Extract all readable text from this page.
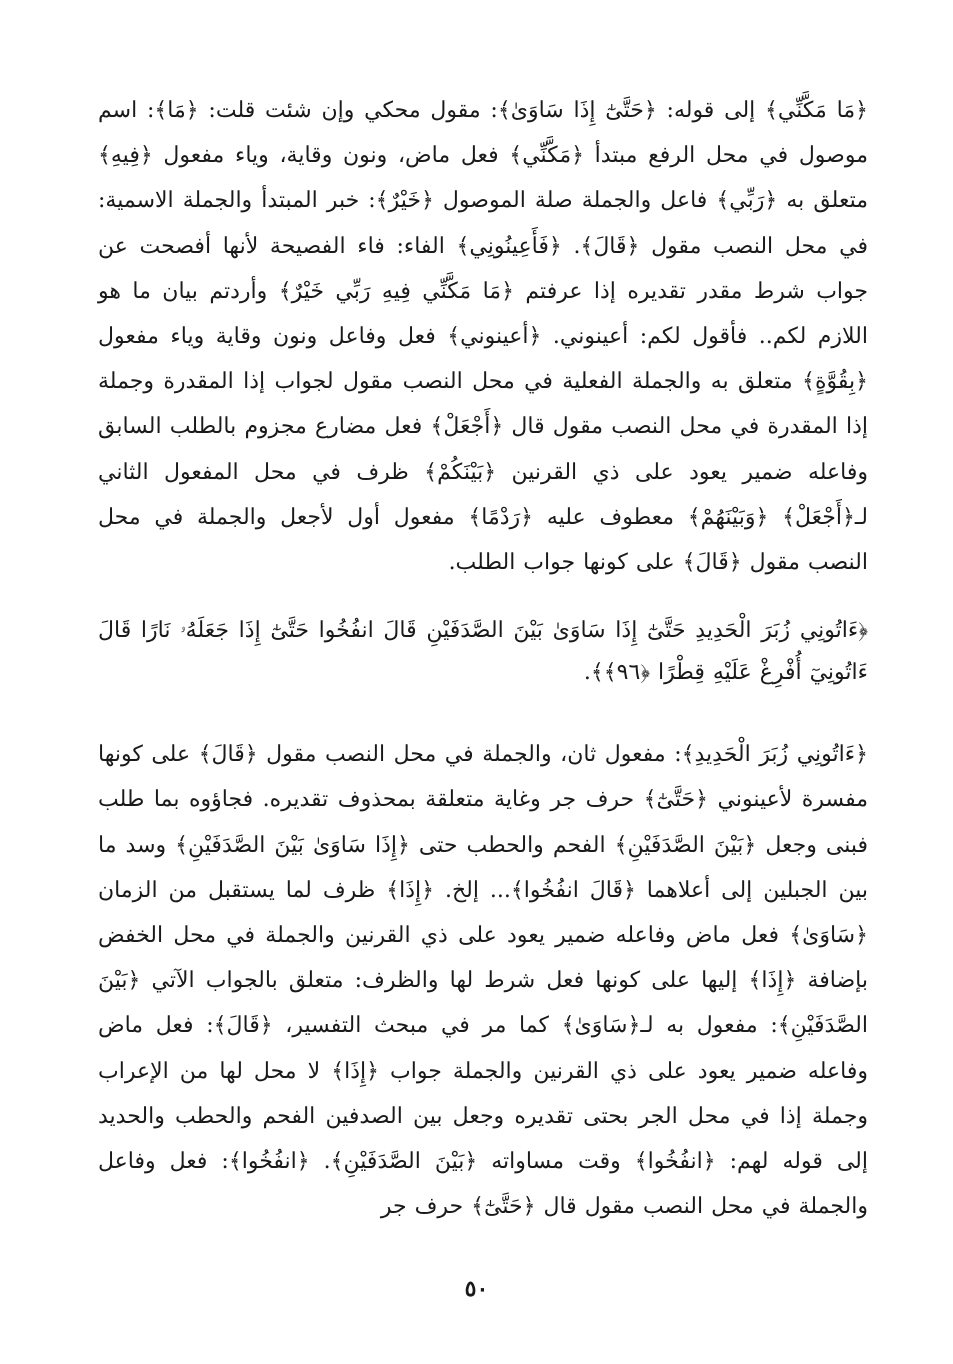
﴿مَا مَكَّنِّي﴾ إلى قوله: ﴿حَتَّىٰٓ إِذَا سَاوَىٰ﴾: مقول محكي وإن شئت قلت: ﴿مَا﴾: اسم موصول في محل الرفع مبتدأ ﴿مَكَّنِّي﴾ فعل ماض، ونون وقاية، وياء مفعول ﴿فِيهِ﴾ متعلق به ﴿رَبِّي﴾ فاعل والجملة صلة الموصول ﴿خَيْرٌ﴾: خبر المبتدأ والجملة الاسمية: في محل النصب مقول ﴿قَالَ﴾. ﴿فَأَعِينُونِي﴾ الفاء: فاء الفصيحة لأنها أفصحت عن جواب شرط مقدر تقديره إذا عرفتم ﴿مَا مَكَّنِّي فِيهِ رَبِّي خَيْرٌ﴾ وأردتم بيان ما هو اللازم لكم.. فأقول لكم: أعينوني. ﴿أعينوني﴾ فعل وفاعل ونون وقاية وياء مفعول ﴿بِقُوَّةٍ﴾ متعلق به والجملة الفعلية في محل النصب مقول لجواب إذا المقدرة وجملة إذا المقدرة في محل النصب مقول قال ﴿أَجْعَلْ﴾ فعل مضارع مجزوم بالطلب السابق وفاعله ضمير يعود على ذي القرنين ﴿بَيْنَكُمْ﴾ ظرف في محل المفعول الثاني لـ﴿أَجْعَلْ﴾ ﴿وَبَيْنَهُمْ﴾ معطوف عليه ﴿رَدْمًا﴾ مفعول أول لأجعل والجملة في محل النصب مقول ﴿قَالَ﴾ على كونها جواب الطلب.

﴿ءَاتُونِي زُبَرَ الْحَدِيدِ حَتَّىٰٓ إِذَا سَاوَىٰ بَيْنَ الصَّدَفَيْنِ قَالَ انفُخُوا حَتَّىٰٓ إِذَا جَعَلَهُۥ نَارًا قَالَ ءَاتُونِيٓ أُفْرِغْ عَلَيْهِ قِطْرًا ﴿٩٦﴾﴾.

﴿ءَاتُونِي زُبَرَ الْحَدِيدِ﴾: مفعول ثان، والجملة في محل النصب مقول ﴿قَالَ﴾ على كونها مفسرة لأعينوني ﴿حَتَّىٰٓ﴾ حرف جر وغاية متعلقة بمحذوف تقديره. فجاؤوه بما طلب فبنى وجعل ﴿بَيْنَ الصَّدَفَيْنِ﴾ الفحم والحطب حتى ﴿إِذَا سَاوَىٰ بَيْنَ الصَّدَفَيْنِ﴾ وسد ما بين الجبلين إلى أعلاهما ﴿قَالَ انفُخُوا﴾... إلخ. ﴿إِذَا﴾ ظرف لما يستقبل من الزمان ﴿سَاوَىٰ﴾ فعل ماض وفاعله ضمير يعود على ذي القرنين والجملة في محل الخفض بإضافة ﴿إِذَا﴾ إليها على كونها فعل شرط لها والظرف: متعلق بالجواب الآتي ﴿بَيْنَ الصَّدَفَيْنِ﴾: مفعول به لـ﴿سَاوَىٰ﴾ كما مر في مبحث التفسير، ﴿قَالَ﴾: فعل ماض وفاعله ضمير يعود على ذي القرنين والجملة جواب ﴿إِذَا﴾ لا محل لها من الإعراب وجملة إذا في محل الجر بحتى تقديره وجعل بين الصدفين الفحم والحطب والحديد إلى قوله لهم: ﴿انفُخُوا﴾ وقت مساواته ﴿بَيْنَ الصَّدَفَيْنِ﴾. ﴿انفُخُوا﴾: فعل وفاعل والجملة في محل النصب مقول قال ﴿حَتَّىٰٓ﴾ حرف جر

٥٠
